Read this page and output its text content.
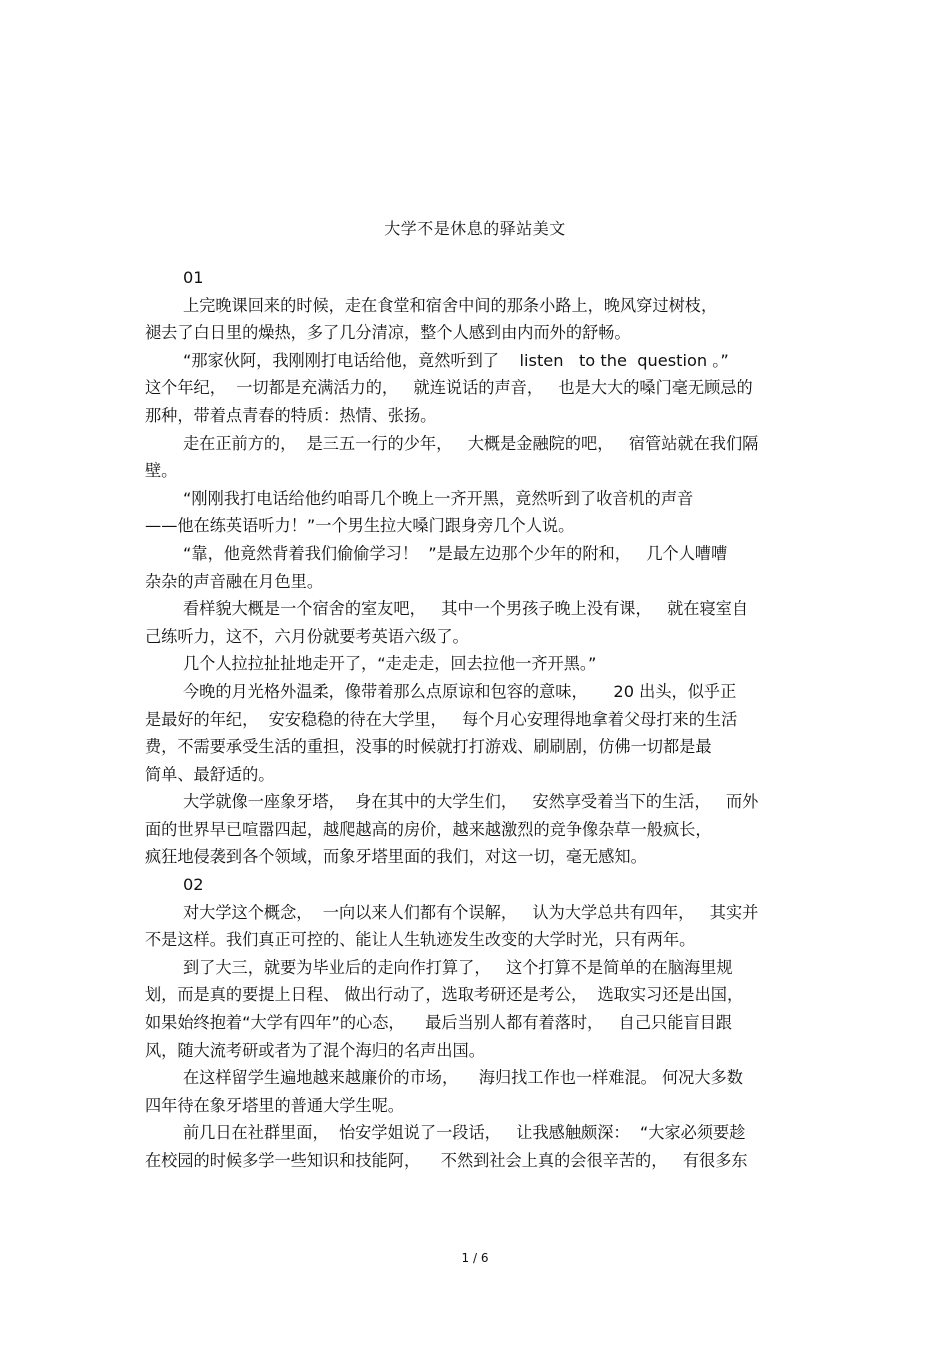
大学不是休息的驿站美文
01
上完晚课回来的时候，走在食堂和宿舍中间的那条小路上，晚风穿过树枝，
褪去了白日里的燥热，多了几分清凉，整个人感到由内而外的舒畅。
“那家伙阿，我刚刚打电话给他，竟然听到了    listen   to the  question 。”
这个年纪，  一切都是充满活力的，   就连说话的声音，   也是大大的嗓门毫无顾忌的
那种，带着点青春的特质：热情、张扬。
走在正前方的，  是三五一行的少年，   大概是金融院的吧，   宿管站就在我们隔
壁。
“刚刚我打电话给他约咱哥几个晚上一齐开黑，竟然听到了收音机的声音
——他在练英语听力！”一个男生拉大嗓门跟身旁几个人说。
“靠，他竟然背着我们偷偷学习！  ”是最左边那个少年的附和，   几个人嘈嘈
杂杂的声音融在月色里。
看样貌大概是一个宿舍的室友吧，   其中一个男孩子晚上没有课，   就在寝室自
己练听力，这不，六月份就要考英语六级了。
几个人拉拉扯扯地走开了，“走走走，回去拉他一齐开黑。”
今晚的月光格外温柔，像带着那么点原谅和包容的意味，     20 出头，似乎正
是最好的年纪，  安安稳稳的待在大学里，   每个月心安理得地拿着父母打来的生活
费，不需要承受生活的重担，没事的时候就打打游戏、刷刷剧，仿佛一切都是最
简单、最舒适的。
大学就像一座象牙塔，  身在其中的大学生们，   安然享受着当下的生活，   而外
面的世界早已喧嚣四起，越爬越高的房价，越来越激烈的竞争像杂草一般疯长，
疯狂地侵袭到各个领域，而象牙塔里面的我们，对这一切，毫无感知。
02
对大学这个概念，  一向以来人们都有个误解，   认为大学总共有四年，   其实并
不是这样。我们真正可控的、能让人生轨迹发生改变的大学时光，只有两年。
到了大三，就要为毕业后的走向作打算了，   这个打算不是简单的在脑海里规
划，而是真的要提上日程、 做出行动了，选取考研还是考公，  选取实习还是出国，
如果始终抱着“大学有四年”的心态，    最后当别人都有着落时，   自己只能盲目跟
风，随大流考研或者为了混个海归的名声出国。
在这样留学生遍地越来越廉价的市场，    海归找工作也一样难混。 何况大多数
四年待在象牙塔里的普通大学生呢。
前几日在社群里面，  怡安学姐说了一段话，   让我感触颇深：  “大家必须要趁
在校园的时候多学一些知识和技能阿，    不然到社会上真的会很辛苦的，   有很多东
1 / 6
